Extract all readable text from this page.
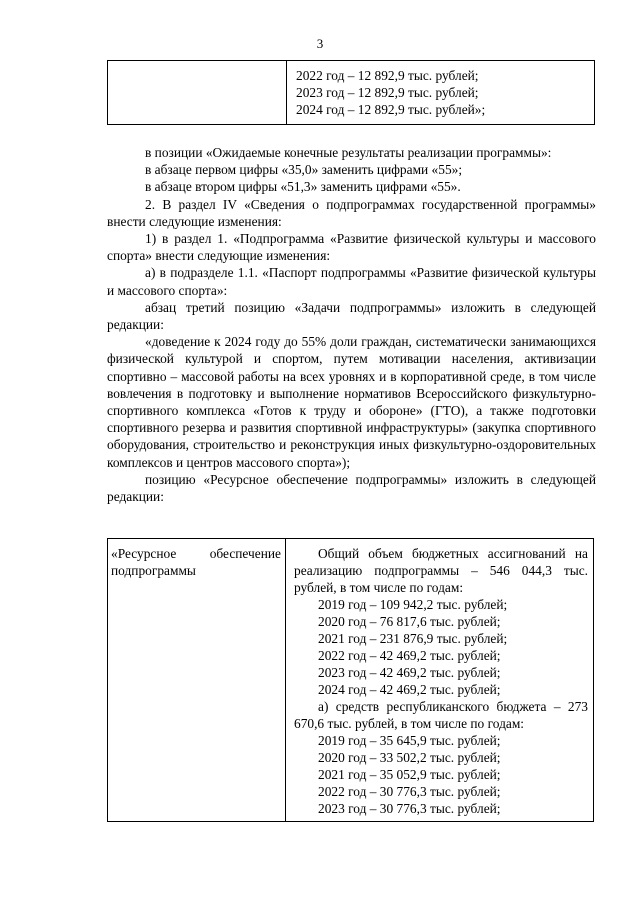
3

2022 год – 12 892,9 тыс. рублей;
2023 год – 12 892,9 тыс. рублей;
2024 год – 12 892,9 тыс. рублей»;

в позиции «Ожидаемые конечные результаты реализации программы»:

в абзаце первом цифры «35,0» заменить цифрами «55»;

в абзаце втором цифры «51,3» заменить цифрами «55».

2. В раздел IV «Сведения о подпрограммах государственной программы» внести следующие изменения:

1) в раздел 1. «Подпрограмма «Развитие физической культуры и массового спорта» внести следующие изменения:

а) в подразделе 1.1. «Паспорт подпрограммы «Развитие физической культуры и массового спорта»:

абзац третий позицию «Задачи подпрограммы» изложить в следующей редакции:

«доведение к 2024 году до 55% доли граждан, систематически занимающихся физической культурой и спортом, путем мотивации населения, активизации спортивно – массовой работы на всех уровнях и в корпоративной среде, в том числе вовлечения в подготовку и выполнение нормативов Всероссийского физкультурно-спортивного комплекса «Готов к труду и обороне» (ГТО), а также подготовки спортивного резерва и развития спортивной инфраструктуры» (закупка спортивного оборудования, строительство и реконструкция иных физкультурно-оздоровительных комплексов и центров массового спорта»);

позицию «Ресурсное обеспечение подпрограммы» изложить в следующей редакции:

«Ресурсное обеспечение подпрограммы	

Общий объем бюджетных ассигнований на реализацию подпрограммы – 546 044,3 тыс. рублей, в том числе по годам:

2019 год – 109 942,2 тыс. рублей;
2020 год – 76 817,6 тыс. рублей;
2021 год – 231 876,9 тыс. рублей;
2022 год – 42 469,2 тыс. рублей;
2023 год – 42 469,2 тыс. рублей;
2024 год – 42 469,2 тыс. рублей;

а) средств республиканского бюджета – 273 670,6 тыс. рублей, в том числе по годам:

2019 год – 35 645,9 тыс. рублей;
2020 год – 33 502,2 тыс. рублей;
2021 год – 35 052,9 тыс. рублей;
2022 год – 30 776,3 тыс. рублей;
2023 год – 30 776,3 тыс. рублей;
